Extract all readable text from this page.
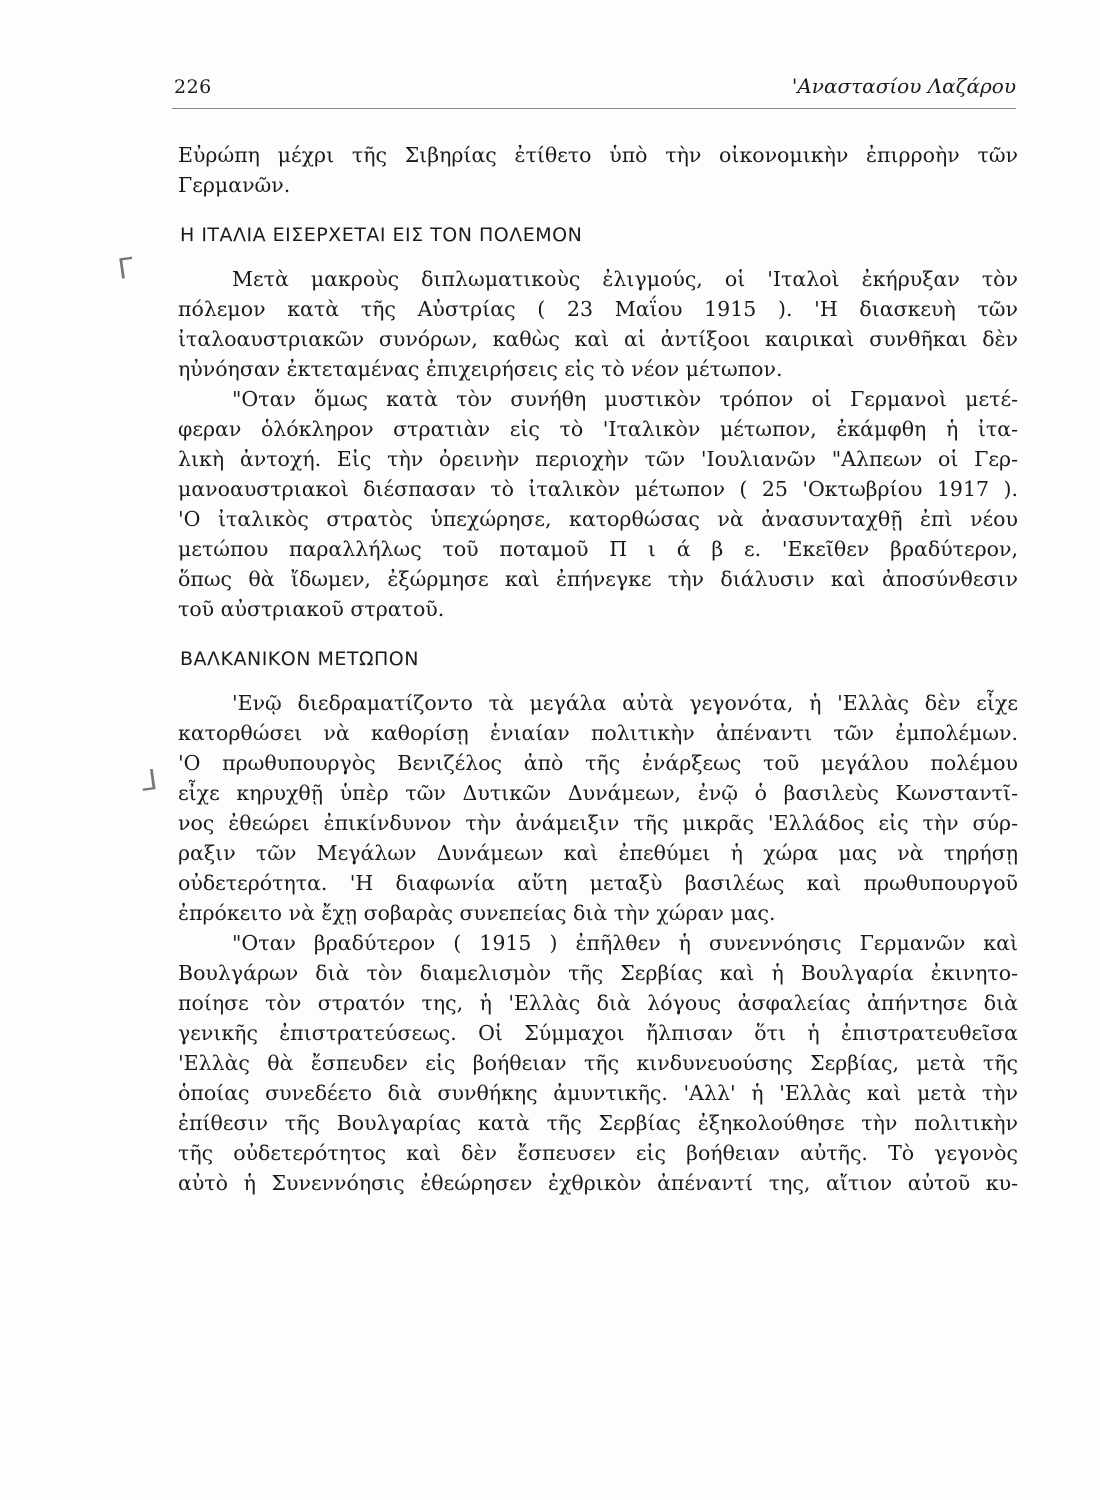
226	'Αναστασίου Λαζάρου
ᒥ
ᒧ
Εὐρώπη μέχρι τῆς Σιβηρίας ἐτίθετο ὑπὸ τὴν οἰκονομικὴν ἐπιρροὴν τῶν
Γερμανῶν.
Η ΙΤΑΛΙΑ ΕΙΣΕΡΧΕΤΑΙ ΕΙΣ ΤΟΝ ΠΟΛΕΜΟΝ
Μετὰ μακροὺς διπλωματικοὺς ἐλιγμούς, οἱ 'Ιταλοὶ ἐκήρυξαν τὸν
πόλεμον κατὰ τῆς Αὐστρίας ( 23 Μαΐου 1915 ). 'Η διασκευὴ τῶν
ἰταλοαυστριακῶν συνόρων, καθὼς καὶ αἱ ἀντίξοοι καιρικαὶ συνθῆκαι δὲν
ηὐνόησαν ἐκτεταμένας ἐπιχειρήσεις εἰς τὸ νέον μέτωπον.
"Οταν ὅμως κατὰ τὸν συνήθη μυστικὸν τρόπον οἱ Γερμανοὶ μετέ-
φεραν ὁλόκληρον στρατιὰν εἰς τὸ 'Ιταλικὸν μέτωπον, ἐκάμφθη ἡ ἰτα-
λικὴ ἀντοχή. Εἰς τὴν ὀρεινὴν περιοχὴν τῶν 'Ιουλιανῶν "Αλπεων οἱ Γερ-
μανοαυστριακοὶ διέσπασαν τὸ ἰταλικὸν μέτωπον ( 25 'Οκτωβρίου 1917 ).
'Ο ἰταλικὸς στρατὸς ὑπεχώρησε, κατορθώσας νὰ ἀνασυνταχθῇ ἐπὶ νέου
μετώπου παραλλήλως τοῦ ποταμοῦ Π ι ά β ε. 'Εκεῖθεν βραδύτερον,
ὅπως θὰ ἴδωμεν, ἐξώρμησε καὶ ἐπήνεγκε τὴν διάλυσιν καὶ ἀποσύνθεσιν
τοῦ αὐστριακοῦ στρατοῦ.
ΒΑΛΚΑΝΙΚΟΝ ΜΕΤΩΠΟΝ
'Ενῷ διεδραματίζοντο τὰ μεγάλα αὐτὰ γεγονότα, ἡ 'Ελλὰς δὲν εἶχε
κατορθώσει νὰ καθορίσῃ ἑνιαίαν πολιτικὴν ἀπέναντι τῶν ἐμπολέμων.
'Ο πρωθυπουργὸς Βενιζέλος ἀπὸ τῆς ἐνάρξεως τοῦ μεγάλου πολέμου
εἶχε κηρυχθῇ ὑπὲρ τῶν Δυτικῶν Δυνάμεων, ἐνῷ ὁ βασιλεὺς Κωνσταντῖ-
νος ἐθεώρει ἐπικίνδυνον τὴν ἀνάμειξιν τῆς μικρᾶς 'Ελλάδος εἰς τὴν σύρ-
ραξιν τῶν Μεγάλων Δυνάμεων καὶ ἐπεθύμει ἡ χώρα μας νὰ τηρήσῃ
οὐδετερότητα. 'Η διαφωνία αὕτη μεταξὺ βασιλέως καὶ πρωθυπουργοῦ
ἐπρόκειτο νὰ ἔχῃ σοβαρὰς συνεπείας διὰ τὴν χώραν μας.
"Οταν βραδύτερον ( 1915 ) ἐπῆλθεν ἡ συνεννόησις Γερμανῶν καὶ
Βουλγάρων διὰ τὸν διαμελισμὸν τῆς Σερβίας καὶ ἡ Βουλγαρία ἐκινητο-
ποίησε τὸν στρατόν της, ἡ 'Ελλὰς διὰ λόγους ἀσφαλείας ἀπήντησε διὰ
γενικῆς ἐπιστρατεύσεως. Οἱ Σύμμαχοι ἤλπισαν ὅτι ἡ ἐπιστρατευθεῖσα
'Ελλὰς θὰ ἔσπευδεν εἰς βοήθειαν τῆς κινδυνευούσης Σερβίας, μετὰ τῆς
ὁποίας συνεδέετο διὰ συνθήκης ἀμυντικῆς. 'Αλλ' ἡ 'Ελλὰς καὶ μετὰ τὴν
ἐπίθεσιν τῆς Βουλγαρίας κατὰ τῆς Σερβίας ἐξηκολούθησε τὴν πολιτικὴν
τῆς οὐδετερότητος καὶ δὲν ἔσπευσεν εἰς βοήθειαν αὐτῆς. Τὸ γεγονὸς
αὐτὸ ἡ Συνεννόησις ἐθεώρησεν ἐχθρικὸν ἀπέναντί της, αἴτιον αὐτοῦ κυ-
